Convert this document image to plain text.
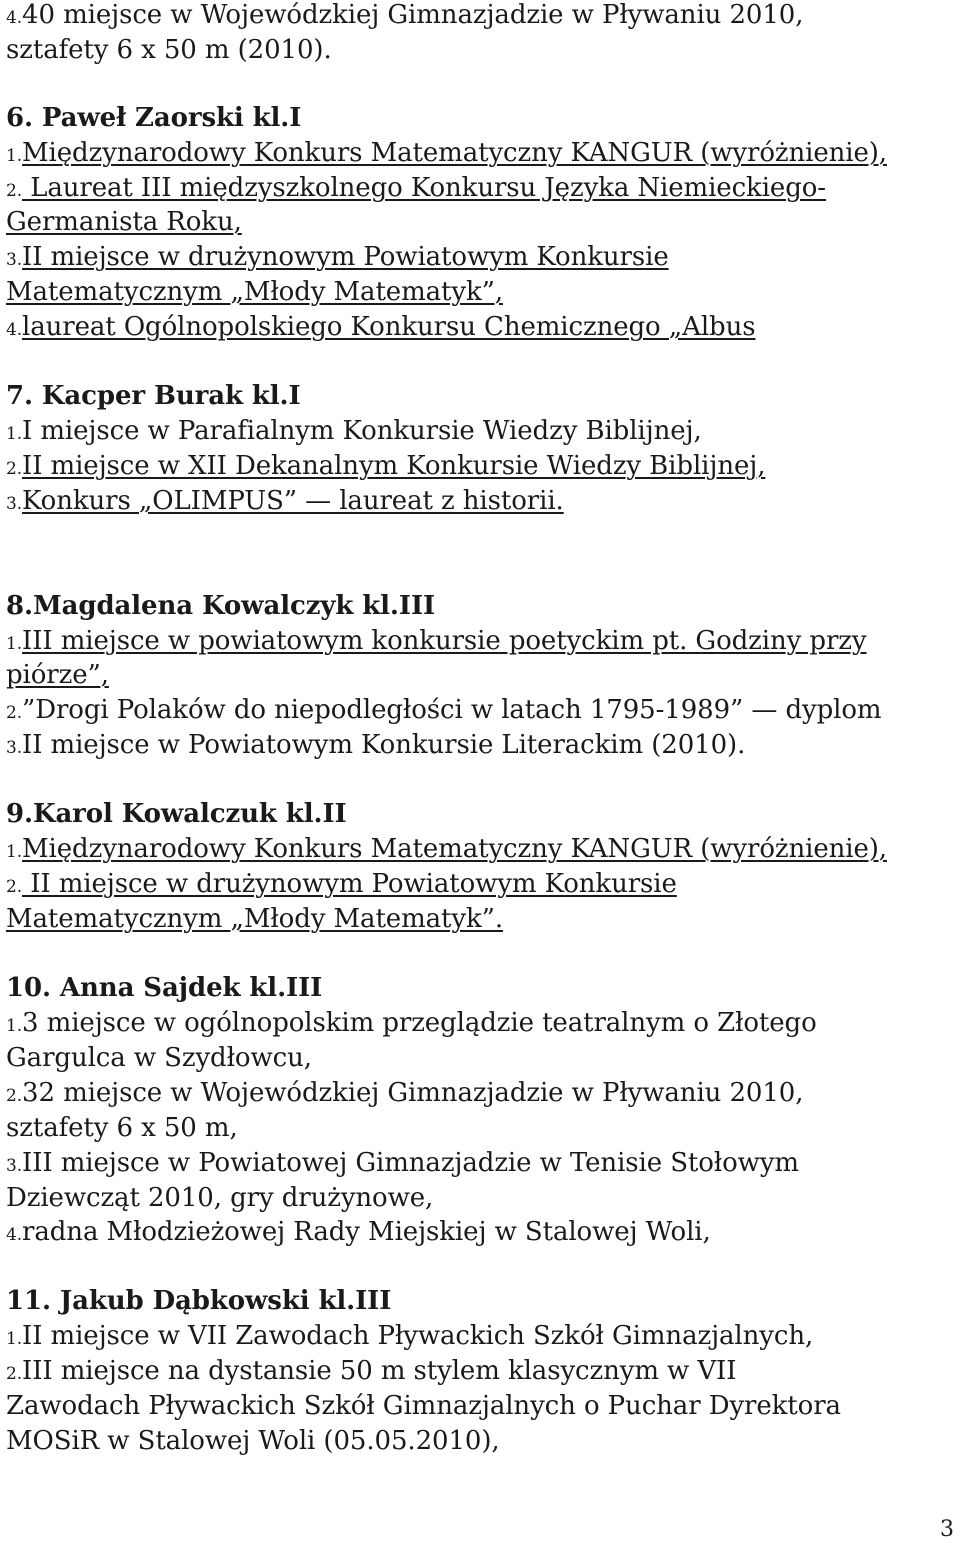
4.40 miejsce w Wojewódzkiej Gimnazjadzie w Pływaniu 2010,
sztafety 6 x 50 m (2010).
6. Paweł Zaorski kl.I
1.Międzynarodowy Konkurs Matematyczny KANGUR (wyróżnienie),
2. Laureat III międzyszkolnego Konkursu Języka Niemieckiego-
Germanista Roku,
3.II miejsce w drużynowym Powiatowym Konkursie
Matematycznym „Młody Matematyk”,
4.laureat Ogólnopolskiego Konkursu Chemicznego „Albus
7. Kacper Burak kl.I
1.I miejsce w Parafialnym Konkursie Wiedzy Biblijnej,
2.II miejsce w XII Dekanalnym Konkursie Wiedzy Biblijnej,
3.Konkurs „OLIMPUS” — laureat z historii.
8.Magdalena Kowalczyk kl.III
1.III miejsce w powiatowym konkursie poetyckim pt. Godziny przy
piórze”,
2.”Drogi Polaków do niepodległości w latach 1795-1989” — dyplom
3.II miejsce w Powiatowym Konkursie Literackim (2010).
9.Karol Kowalczuk kl.II
1.Międzynarodowy Konkurs Matematyczny KANGUR (wyróżnienie),
2. II miejsce w drużynowym Powiatowym Konkursie
Matematycznym „Młody Matematyk”.
10. Anna Sajdek kl.III
1.3 miejsce w ogólnopolskim przeglądzie teatralnym o Złotego
Gargulca w Szydłowcu,
2.32 miejsce w Wojewódzkiej Gimnazjadzie w Pływaniu 2010,
sztafety 6 x 50 m,
3.III miejsce w Powiatowej Gimnazjadzie w Tenisie Stołowym
Dziewcząt 2010, gry drużynowe,
4.radna Młodzieżowej Rady Miejskiej w Stalowej Woli,
11. Jakub Dąbkowski kl.III
1.II miejsce w VII Zawodach Pływackich Szkół Gimnazjalnych,
2.III miejsce na dystansie 50 m stylem klasycznym w VII
Zawodach Pływackich Szkół Gimnazjalnych o Puchar Dyrektora
MOSiR w Stalowej Woli (05.05.2010),
3
